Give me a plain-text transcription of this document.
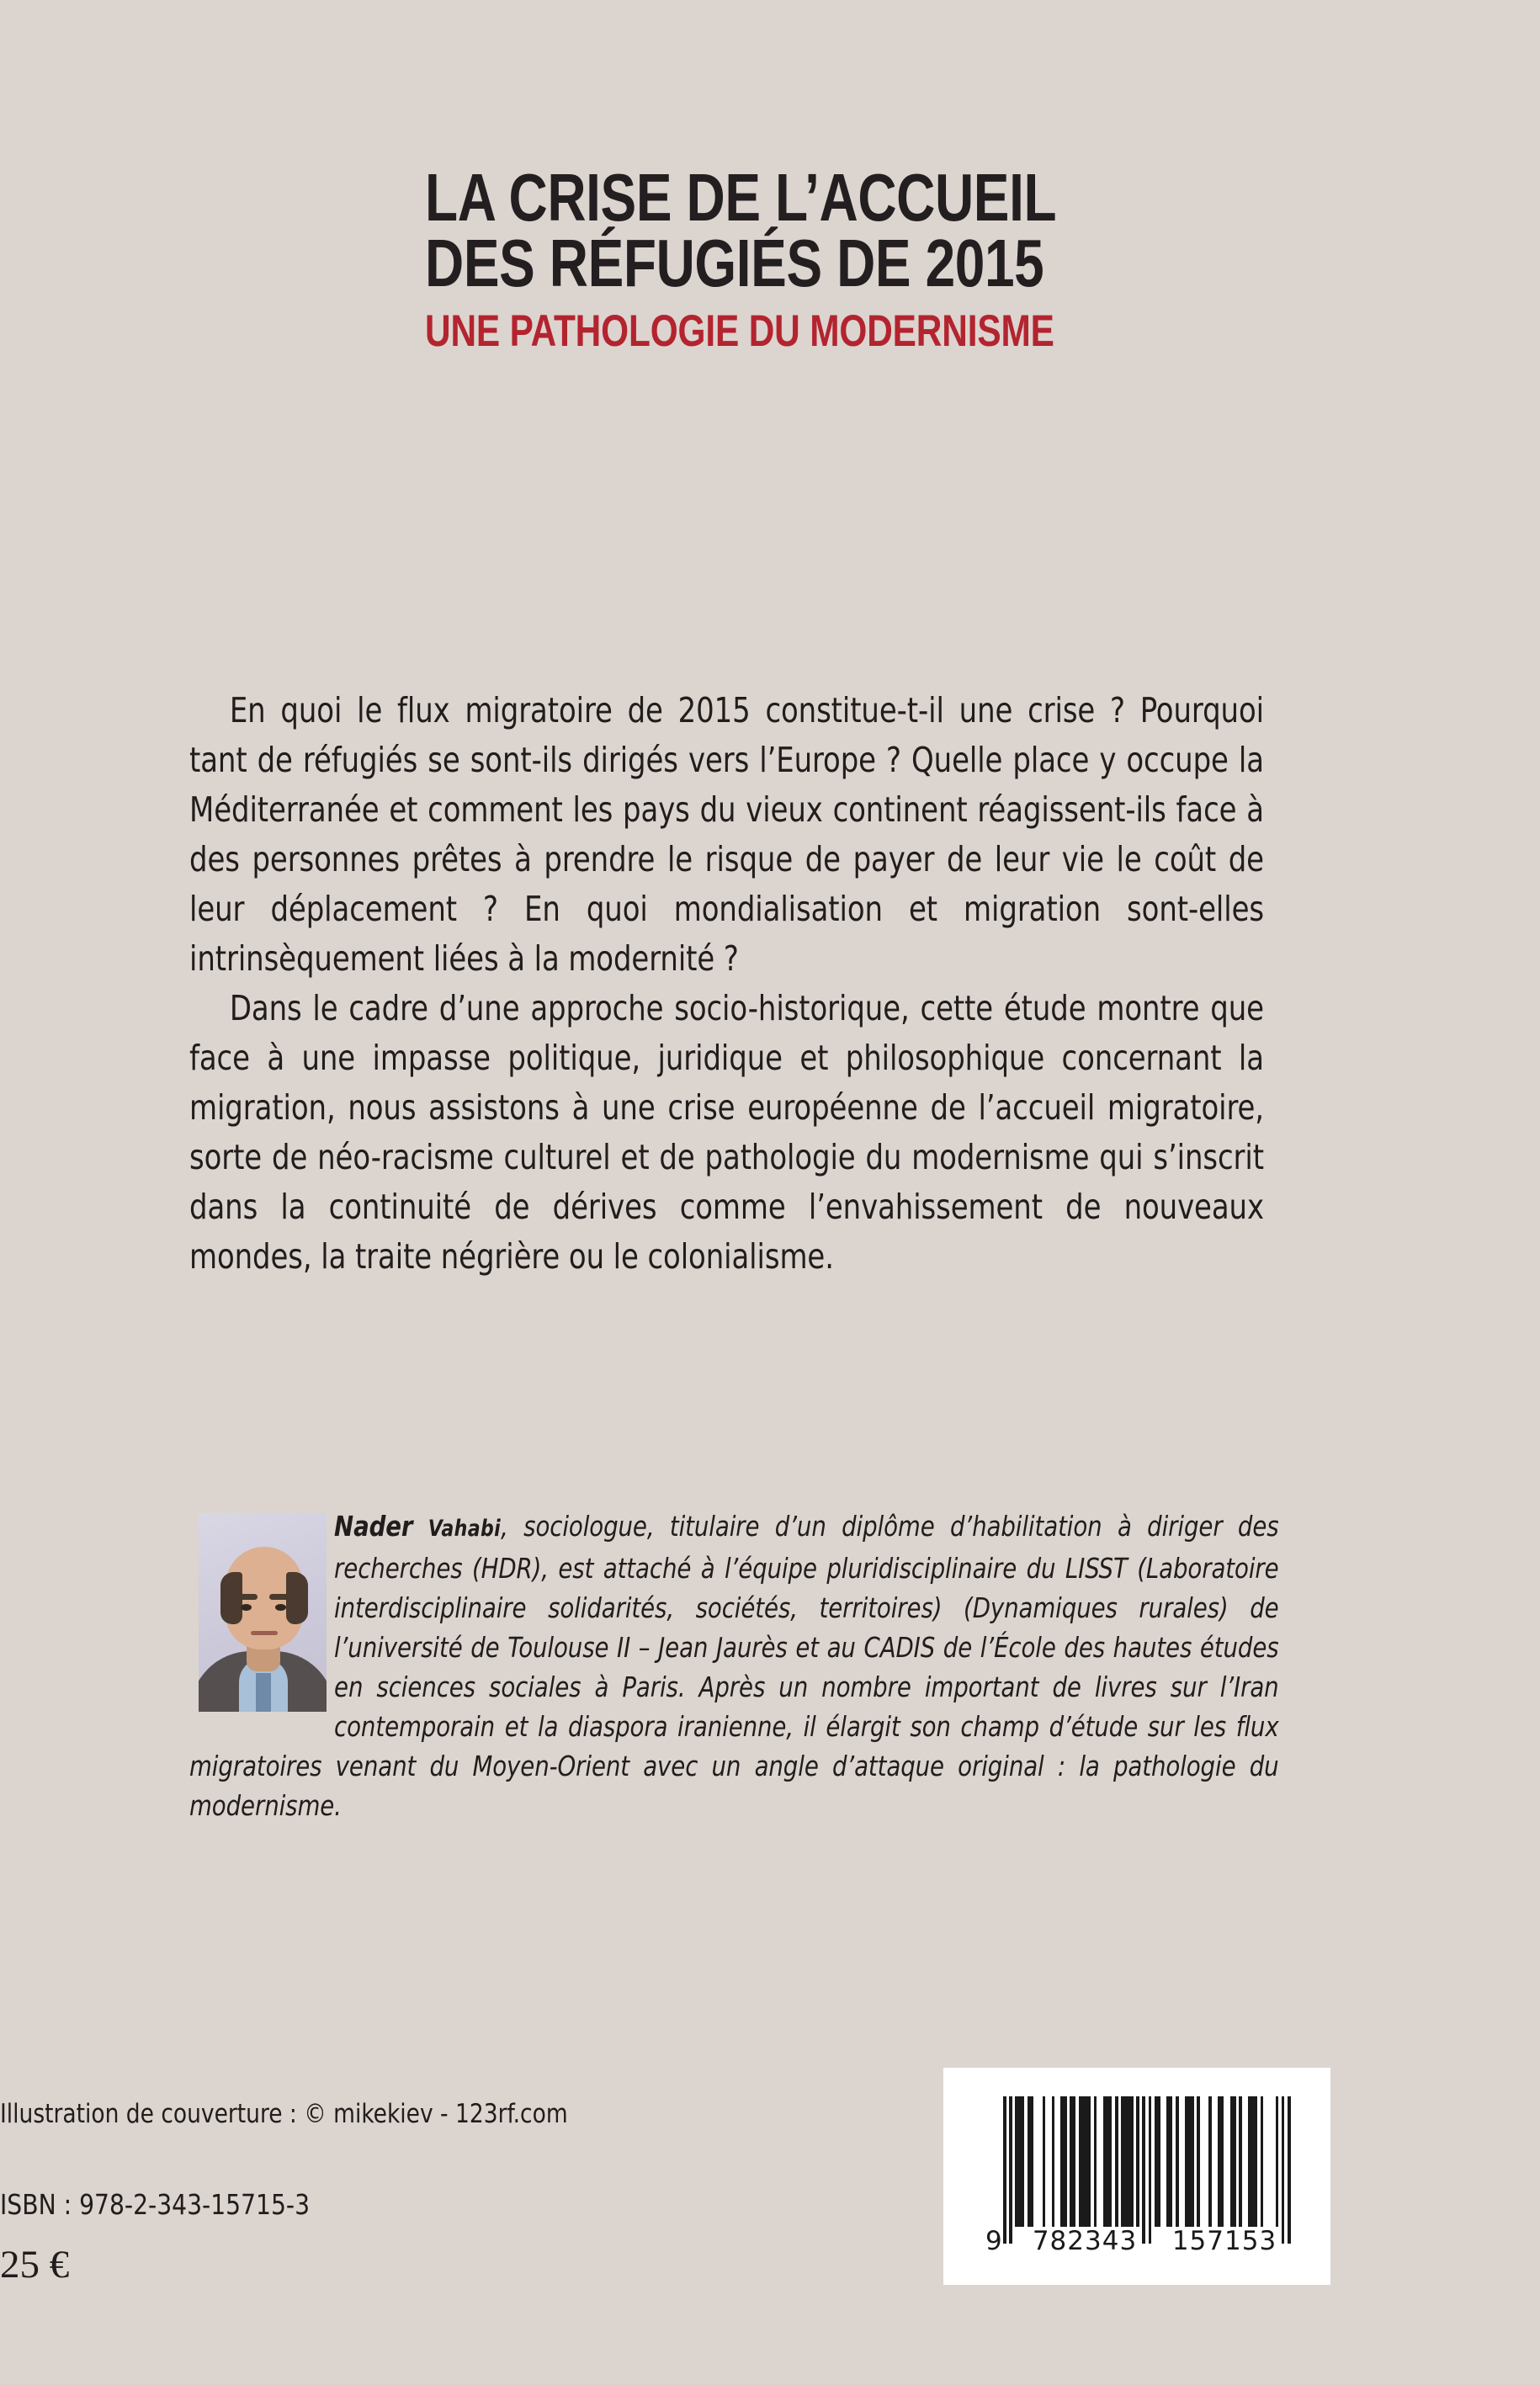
LA CRISE DE L’ACCUEIL
DES RÉFUGIÉS DE 2015
UNE PATHOLOGIE DU MODERNISME

En quoi le flux migratoire de 2015 constitue-t-il une crise ? Pourquoi tant de réfugiés se sont-ils dirigés vers l’Europe ? Quelle place y occupe la Méditerranée et comment les pays du vieux continent réagissent-ils face à des personnes prêtes à prendre le risque de payer de leur vie le coût de leur déplacement ? En quoi mondialisation et migration sont-elles intrinsèquement liées à la modernité ?

Dans le cadre d’une approche socio-historique, cette étude montre que face à une impasse politique, juridique et philosophique concernant la migration, nous assistons à une crise européenne de l’accueil migratoire, sorte de néo-racisme culturel et de pathologie du modernisme qui s’inscrit dans la continuité de dérives comme l’envahissement de nouveaux mondes, la traite négrière ou le colonialisme.

Nader Vahabi, sociologue, titulaire d’un diplôme d’habilitation à diriger des recherches (HDR), est attaché à l’équipe pluridisciplinaire du LISST (Laboratoire interdisciplinaire solidarités, sociétés, territoires) (Dynamiques rurales) de l’université de Toulouse II – Jean Jaurès et au CADIS de l’École des hautes études en sciences sociales à Paris. Après un nombre important de livres sur l’Iran contemporain et la diaspora iranienne, il élargit son champ d’étude sur les flux migratoires venant du Moyen-Orient avec un angle d’attaque original : la pathologie du modernisme.

Illustration de couverture : © mikekiev - 123rf.com
ISBN : 978-2-343-15715-3
25 €
9	782343	157153
